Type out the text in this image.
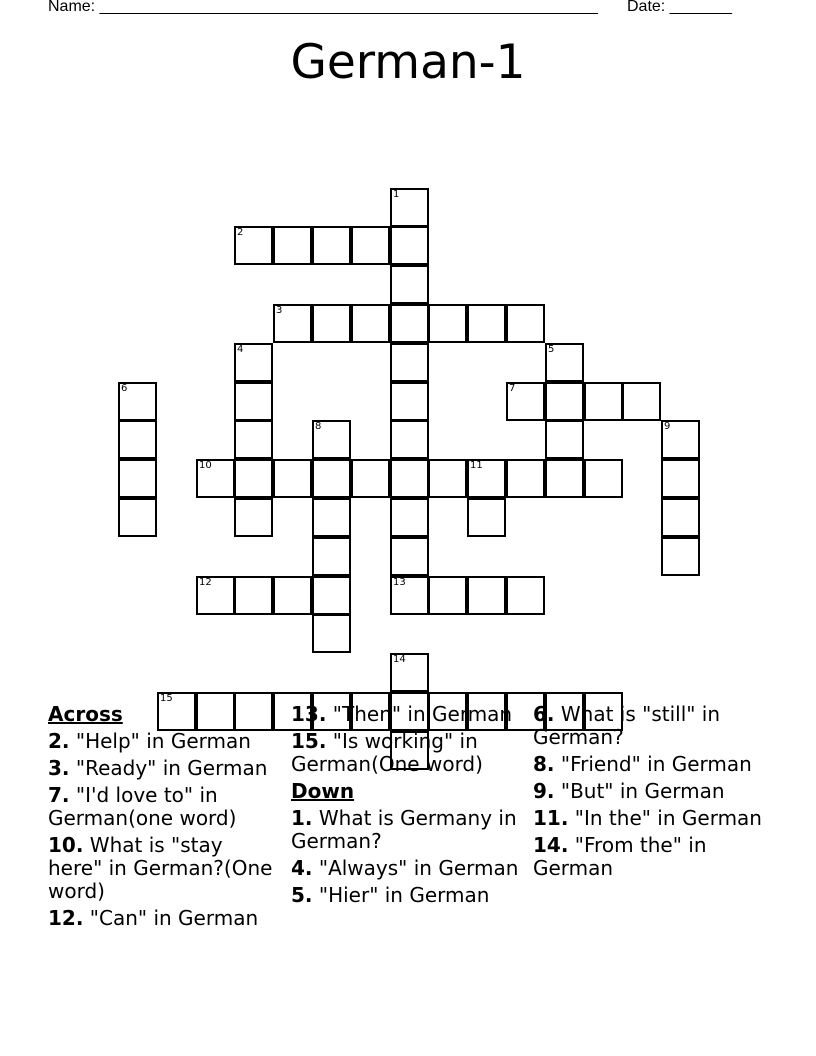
Name: ________________________________________________________ Date: _______
German-1
1
2
3
4	5
6	7
8	9
10	11
12	13
14
15
Across
2. "Help" in German
3. "Ready" in German
7. "I'd love to" in German(one word)
10. What is "stay here" in German?(One word)
12. "Can" in German
13. "Then" in German
15. "Is working" in German(One word)
Down
1. What is Germany in German?
4. "Always" in German
5. "Hier" in German
6. What is "still" in German?
8. "Friend" in German
9. "But" in German
11. "In the" in German
14. "From the" in German
